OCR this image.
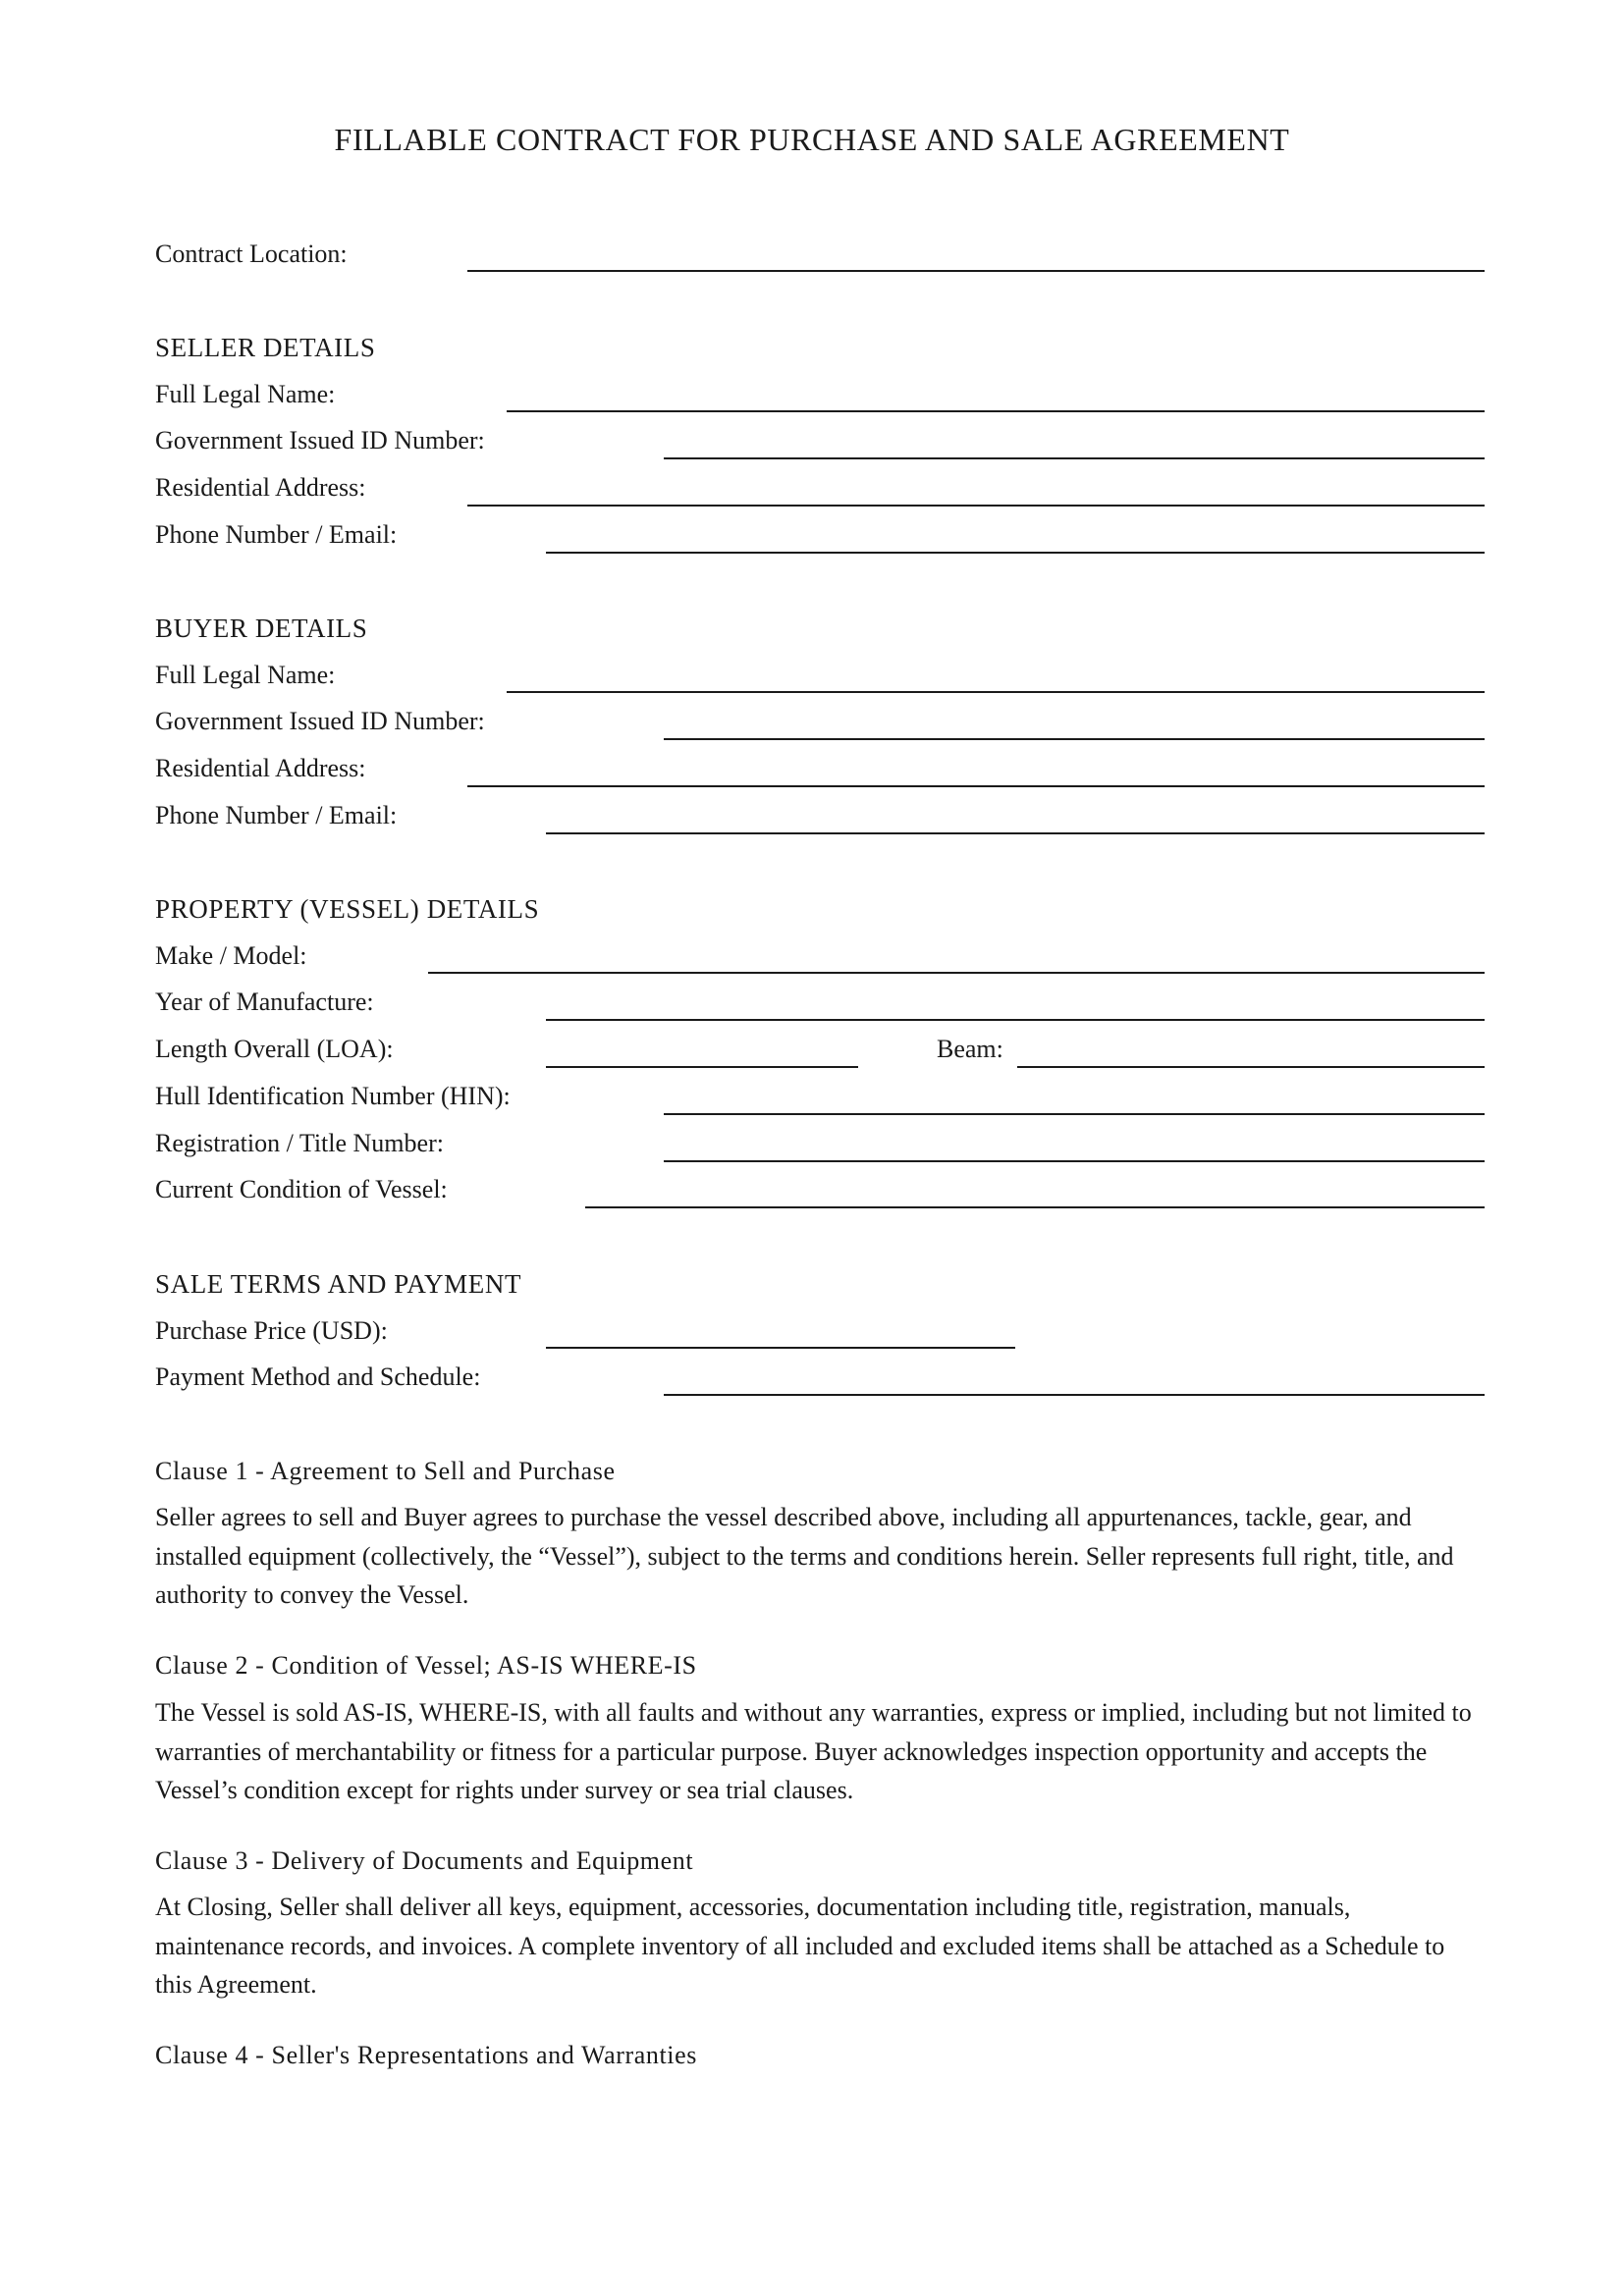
FILLABLE CONTRACT FOR PURCHASE AND SALE AGREEMENT
Contract Location:
SELLER DETAILS
Full Legal Name:
Government Issued ID Number:
Residential Address:
Phone Number / Email:
BUYER DETAILS
Full Legal Name:
Government Issued ID Number:
Residential Address:
Phone Number / Email:
PROPERTY (VESSEL) DETAILS
Make / Model:
Year of Manufacture:
Length Overall (LOA):	Beam:
Hull Identification Number (HIN):
Registration / Title Number:
Current Condition of Vessel:
SALE TERMS AND PAYMENT
Purchase Price (USD):
Payment Method and Schedule:
Clause 1 - Agreement to Sell and Purchase
Seller agrees to sell and Buyer agrees to purchase the vessel described above, including all appurtenances, tackle, gear, and installed equipment (collectively, the “Vessel”), subject to the terms and conditions herein. Seller represents full right, title, and authority to convey the Vessel.
Clause 2 - Condition of Vessel; AS-IS WHERE-IS
The Vessel is sold AS-IS, WHERE-IS, with all faults and without any warranties, express or implied, including but not limited to warranties of merchantability or fitness for a particular purpose. Buyer acknowledges inspection opportunity and accepts the Vessel’s condition except for rights under survey or sea trial clauses.
Clause 3 - Delivery of Documents and Equipment
At Closing, Seller shall deliver all keys, equipment, accessories, documentation including title, registration, manuals, maintenance records, and invoices. A complete inventory of all included and excluded items shall be attached as a Schedule to this Agreement.
Clause 4 - Seller's Representations and Warranties
